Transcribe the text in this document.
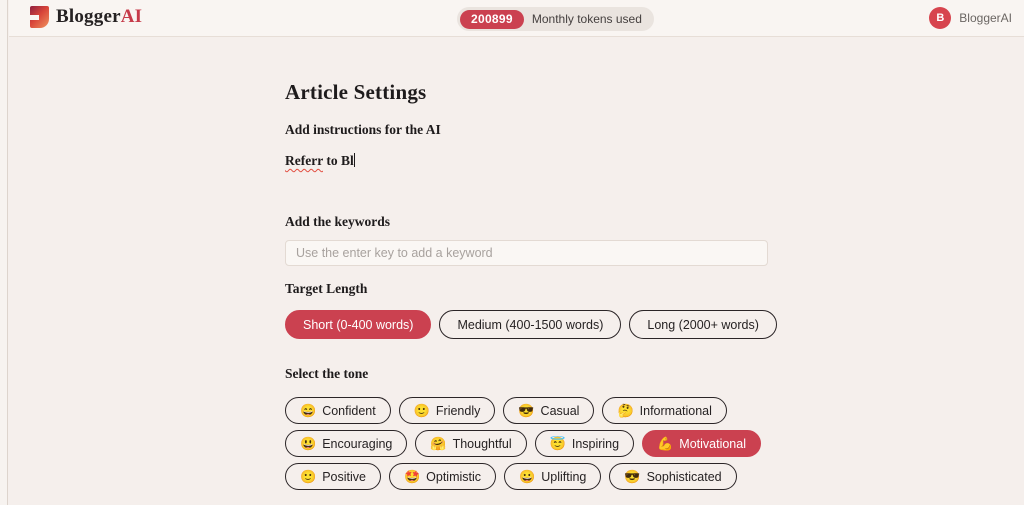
BloggerAI	200899	Monthly tokens used	B	BloggerAI
Article Settings
Add instructions for the AI
Referr to Bl
Add the keywords
Use the enter key to add a keyword
Target Length
Short (0-400 words)	Medium (400-1500 words)	Long (2000+ words)
Select the tone
😄 Confident	🙂 Friendly	😎 Casual	🤔 Informational
😃 Encouraging	🤗 Thoughtful	😇 Inspiring	💪 Motivational
🙂 Positive	🤩 Optimistic	😀 Uplifting	😎 Sophisticated
